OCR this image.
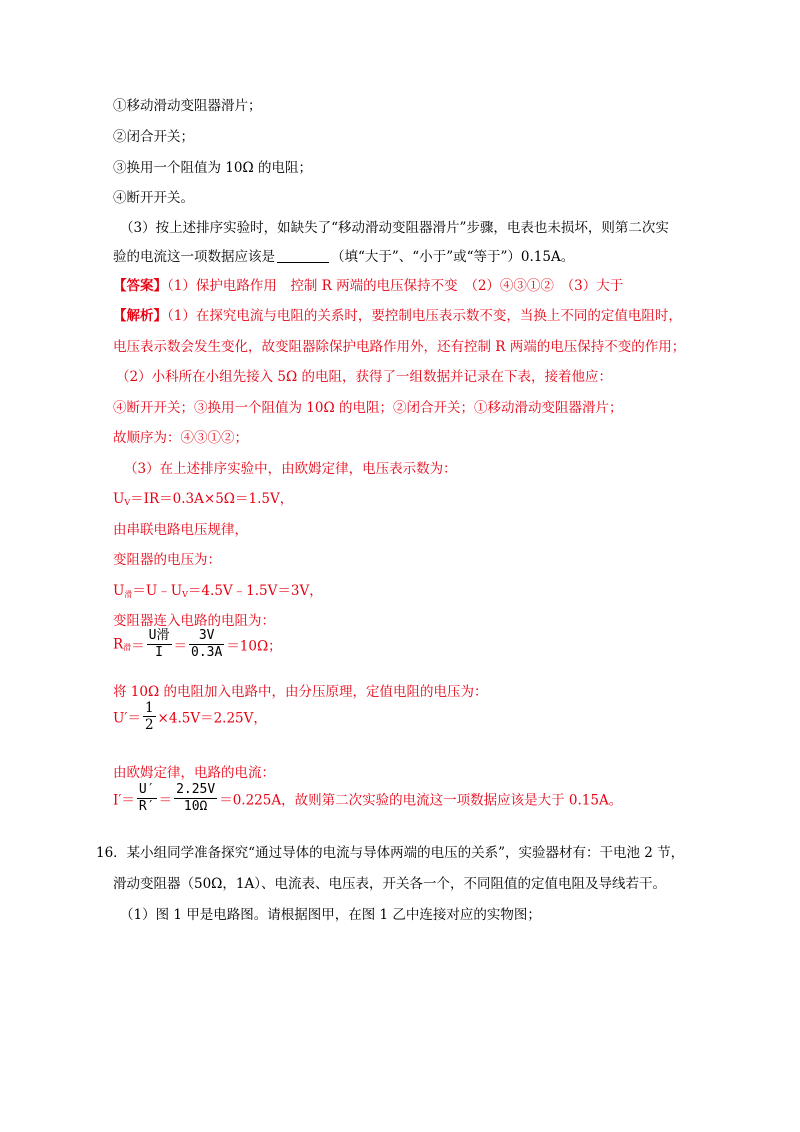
①移动滑动变阻器滑片；
②闭合开关；
③换用一个阻值为 10Ω 的电阻；
④断开开关。
（3）按上述排序实验时，如缺失了“移动滑动变阻器滑片”步骤，电表也未损坏，则第二次实
验的电流这一项数据应该是	（填“大于”、“小于”或“等于”）0.15A。
【答案】（1）保护电路作用　控制 R 两端的电压保持不变　（2）④③①②　（3）大于
【解析】（1）在探究电流与电阻的关系时，要控制电压表示数不变，当换上不同的定值电阻时，
电压表示数会发生变化，故变阻器除保护电路作用外，还有控制 R 两端的电压保持不变的作用；
（2）小科所在小组先接入 5Ω 的电阻，获得了一组数据并记录在下表，接着他应：
④断开开关；③换用一个阻值为 10Ω 的电阻；②闭合开关；①移动滑动变阻器滑片；
故顺序为：④③①②；
（3）在上述排序实验中，由欧姆定律，电压表示数为：
$U_V=IR=0.3A\times 5\Omega=1.5V$，
由串联电路电压规律，
变阻器的电压为：
$U_滑=U﹣U_V=4.5V﹣1.5V=3V$，
变阻器连入电路的电阻为：
$R_滑= \frac{\text{U滑}}{I} = \frac{3V}{0.3A} =10\Omega$；
将 10Ω 的电阻加入电路中，由分压原理，定值电阻的电压为：
$U'= \frac{1}{2} \times 4.5V=2.25V$，
由欧姆定律，电路的电流：
$I'= \frac{U'}{R'} = \frac{2.25V}{10\Omega} =0.225A$，故则第二次实验的电流这一项数据应该是大于 0.15A。
16．某小组同学准备探究“通过导体的电流与导体两端的电压的关系”，实验器材有：干电池 2 节，
滑动变阻器（50Ω，1A）、电流表、电压表，开关各一个，不同阻值的定值电阻及导线若干。
（1）图 1 甲是电路图。请根据图甲，在图 1 乙中连接对应的实物图；
